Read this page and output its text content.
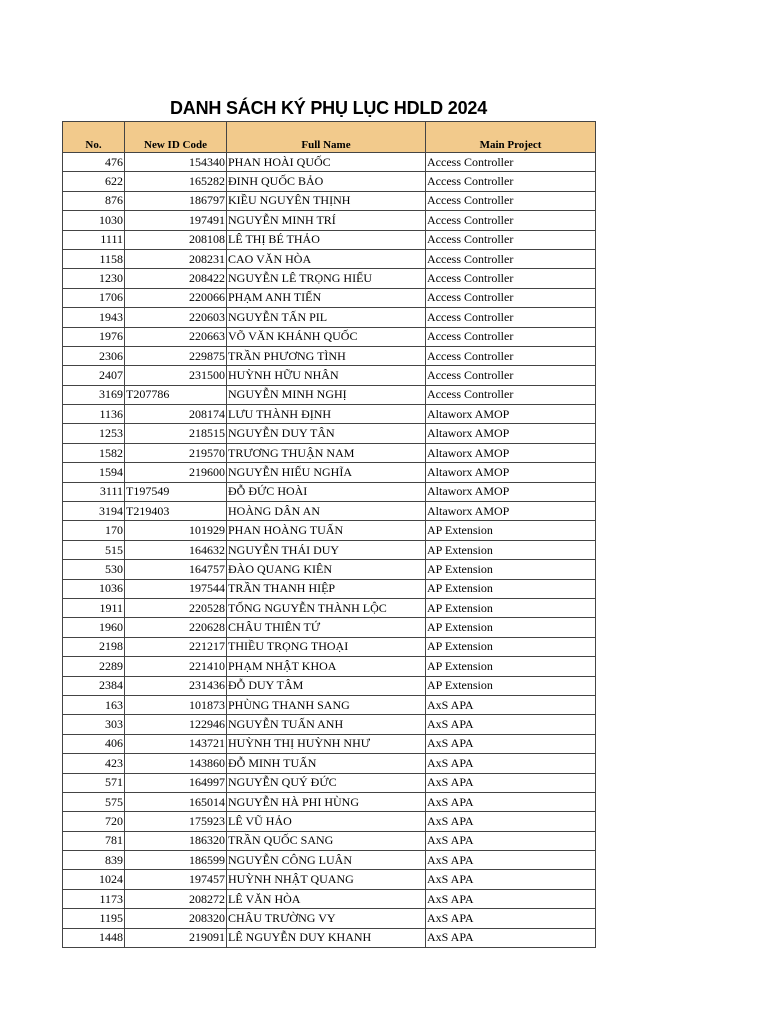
DANH SÁCH KÝ PHỤ LỤC HDLD 2024
No.	New ID Code	Full Name	Main Project
476	154340	PHAN HOÀI QUỐC	Access Controller
622	165282	ĐINH QUỐC BẢO	Access Controller
876	186797	KIỀU NGUYÊN THỊNH	Access Controller
1030	197491	NGUYỄN MINH TRÍ	Access Controller
1111	208108	LÊ THỊ BÉ THẢO	Access Controller
1158	208231	CAO VĂN HÒA	Access Controller
1230	208422	NGUYỄN LÊ TRỌNG HIẾU	Access Controller
1706	220066	PHẠM ANH TIẾN	Access Controller
1943	220603	NGUYỄN TẤN PIL	Access Controller
1976	220663	VÕ VĂN KHÁNH QUỐC	Access Controller
2306	229875	TRẦN PHƯƠNG TÌNH	Access Controller
2407	231500	HUỲNH HỮU NHÂN	Access Controller
3169	T207786	NGUYỄN MINH NGHỊ	Access Controller
1136	208174	LƯU THÀNH ĐỊNH	Altaworx AMOP
1253	218515	NGUYỄN DUY TÂN	Altaworx AMOP
1582	219570	TRƯƠNG THUẬN NAM	Altaworx AMOP
1594	219600	NGUYỄN HIẾU NGHĨA	Altaworx AMOP
3111	T197549	ĐỖ ĐỨC HOÀI	Altaworx AMOP
3194	T219403	HOÀNG DÂN AN	Altaworx AMOP
170	101929	PHAN HOÀNG TUẤN	AP Extension
515	164632	NGUYỄN THÁI DUY	AP Extension
530	164757	ĐÀO QUANG KIÊN	AP Extension
1036	197544	TRẦN THANH HIỆP	AP Extension
1911	220528	TỐNG NGUYỄN THÀNH LỘC	AP Extension
1960	220628	CHÂU THIÊN TỨ	AP Extension
2198	221217	THIỀU TRỌNG THOẠI	AP Extension
2289	221410	PHẠM NHẬT KHOA	AP Extension
2384	231436	ĐỖ DUY TÂM	AP Extension
163	101873	PHÙNG THANH SANG	AxS APA
303	122946	NGUYỄN TUẤN ANH	AxS APA
406	143721	HUỲNH THỊ HUỲNH NHƯ	AxS APA
423	143860	ĐỖ MINH TUẤN	AxS APA
571	164997	NGUYỄN QUÝ ĐỨC	AxS APA
575	165014	NGUYỄN HÀ PHI HÙNG	AxS APA
720	175923	LÊ VŨ HẢO	AxS APA
781	186320	TRẦN QUỐC SANG	AxS APA
839	186599	NGUYỄN CÔNG LUÂN	AxS APA
1024	197457	HUỲNH NHẬT QUANG	AxS APA
1173	208272	LÊ VĂN HÒA	AxS APA
1195	208320	CHÂU TRƯỜNG VY	AxS APA
1448	219091	LÊ NGUYỄN DUY KHANH	AxS APA
